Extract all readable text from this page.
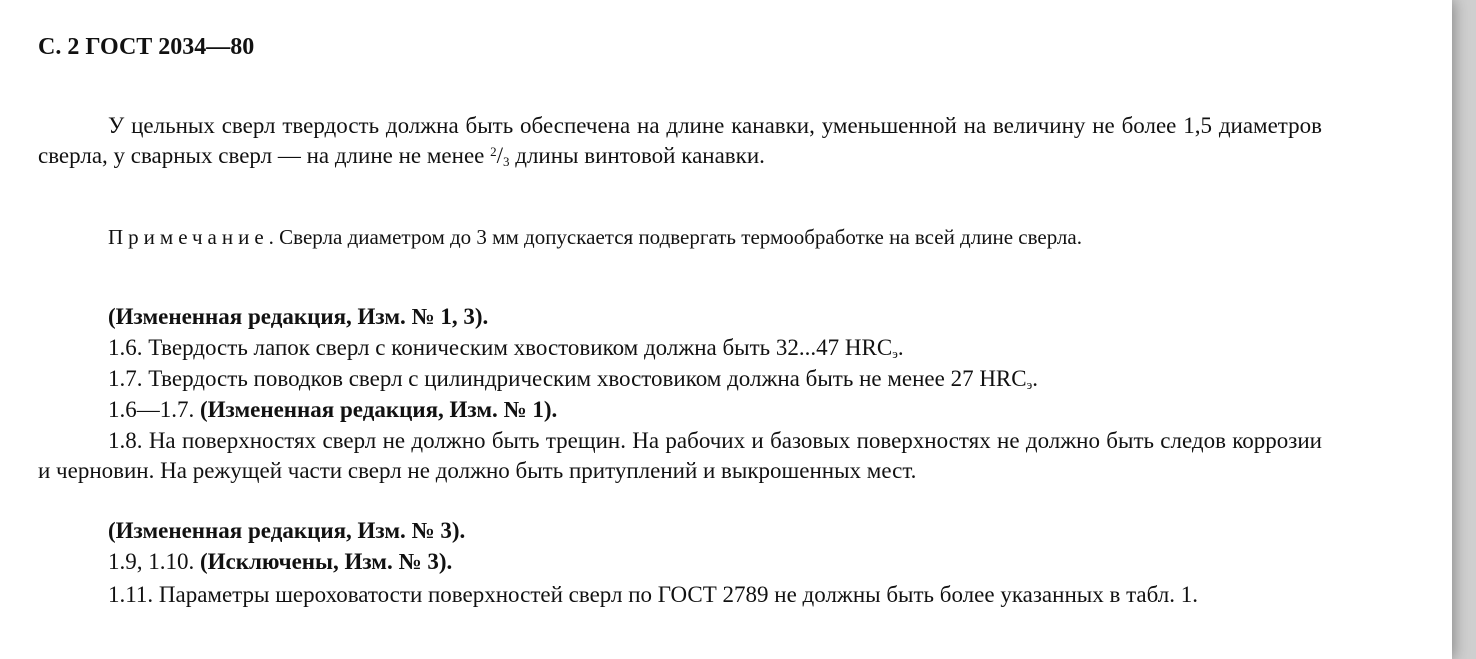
С. 2 ГОСТ 2034—80

У цельных сверл твердость должна быть обеспечена на длине канавки, уменьшенной на величину не более 1,5 диаметров сверла, у сварных сверл — на длине не менее $^2/_3$ длины винтовой канавки.

Примечание. Сверла диаметром до 3 мм допускается подвергать термообработке на всей длине сверла.

(Измененная редакция, Изм. № 1, 3).

1.6. Твердость лапок сверл с коническим хвостовиком должна быть 32...47 $HRC_э$.

1.7. Твердость поводков сверл с цилиндрическим хвостовиком должна быть не менее 27 $HRC_э$.

1.6—1.7. (Измененная редакция, Изм. № 1).

1.8. На поверхностях сверл не должно быть трещин. На рабочих и базовых поверхностях не должно быть следов коррозии и черновин. На режущей части сверл не должно быть притуплений и выкрошенных мест.

(Измененная редакция, Изм. № 3).

1.9, 1.10. (Исключены, Изм. № 3).

1.11. Параметры шероховатости поверхностей сверл по ГОСТ 2789 не должны быть более указанных в табл. 1.
